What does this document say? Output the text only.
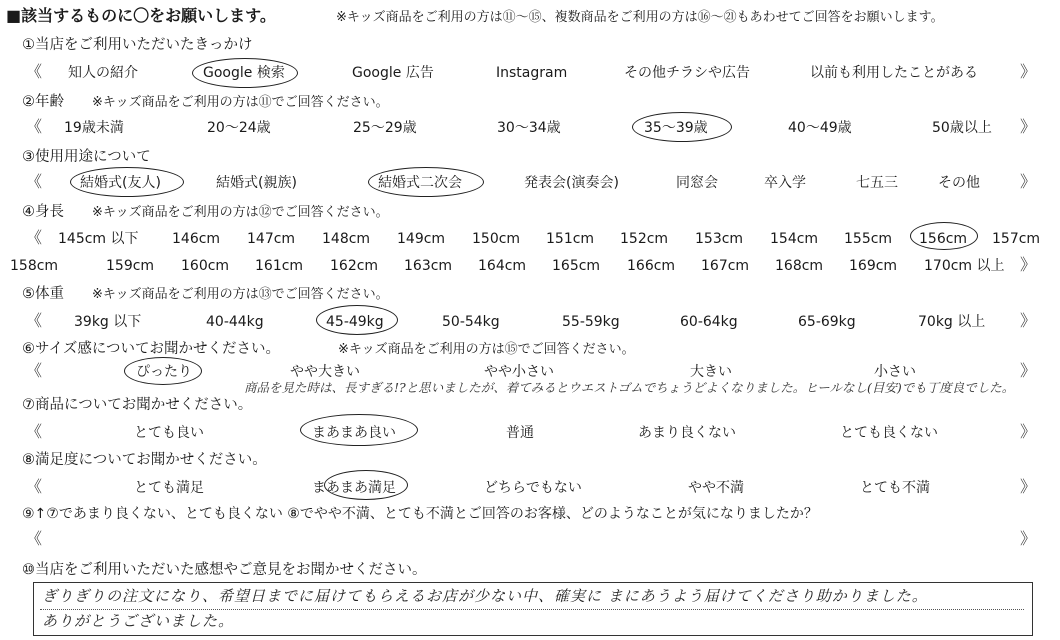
■該当するものに〇をお願いします。	※キッズ商品をご利用の方は⑪〜⑮、複数商品をご利用の方は⑯〜㉑もあわせてご回答をお願いします。
①当店をご利用いただいたきっかけ
《 知人の紹介	Google 検索	Google 広告	Instagram	その他チラシや広告	以前も利用したことがある	》
②年齢 ※キッズ商品をご利用の方は⑪でご回答ください。
《 19歳未満	20〜24歳	25〜29歳	30〜34歳	35〜39歳	40〜49歳	50歳以上 》
③使用用途について
《	結婚式(友人)	結婚式(親族)	結婚式二次会	発表会(演奏会)	同窓会	卒入学	七五三	その他	》
④身長 ※キッズ商品をご利用の方は⑫でご回答ください。
《 145cm 以下 146cm 147cm 148cm 149cm 150cm 151cm 152cm 153cm 154cm 155cm 156cm 157cm
158cm	159cm 160cm 161cm 162cm 163cm 164cm 165cm 166cm 167cm 168cm 169cm 170cm 以上 》
⑤体重 ※キッズ商品をご利用の方は⑬でご回答ください。
《 39kg 以下	40-44kg	45-49kg	50-54kg	55-59kg	60-64kg	65-69kg	70kg 以上 》
⑥サイズ感についてお聞かせください。	※キッズ商品をご利用の方は⑮でご回答ください。
《	ぴったり	やや大きい	やや小さい	大きい	小さい	》
商品を見た時は、長すぎる!?と思いましたが、着てみるとウエストゴムでちょうどよくなりました。ヒールなし(目安)でも丁度良でした。
⑦商品についてお聞かせください。
《	とても良い	まあまあ良い	普通	あまり良くない	とても良くない	》
⑧満足度についてお聞かせください。
《	とても満足	まあまあ満足	どちらでもない	やや不満	とても不満	》
⑨↑⑦であまり良くない、とても良くない ⑧でやや不満、とても不満とご回答のお客様、どのようなことが気になりましたか？
《	》
⑩当店をご利用いただいた感想やご意見をお聞かせください。
ぎりぎりの注文になり、希望日までに届けてもらえるお店が少ない中、確実に まにあうよう届けてくださり助かりました。
ありがとうございました。
